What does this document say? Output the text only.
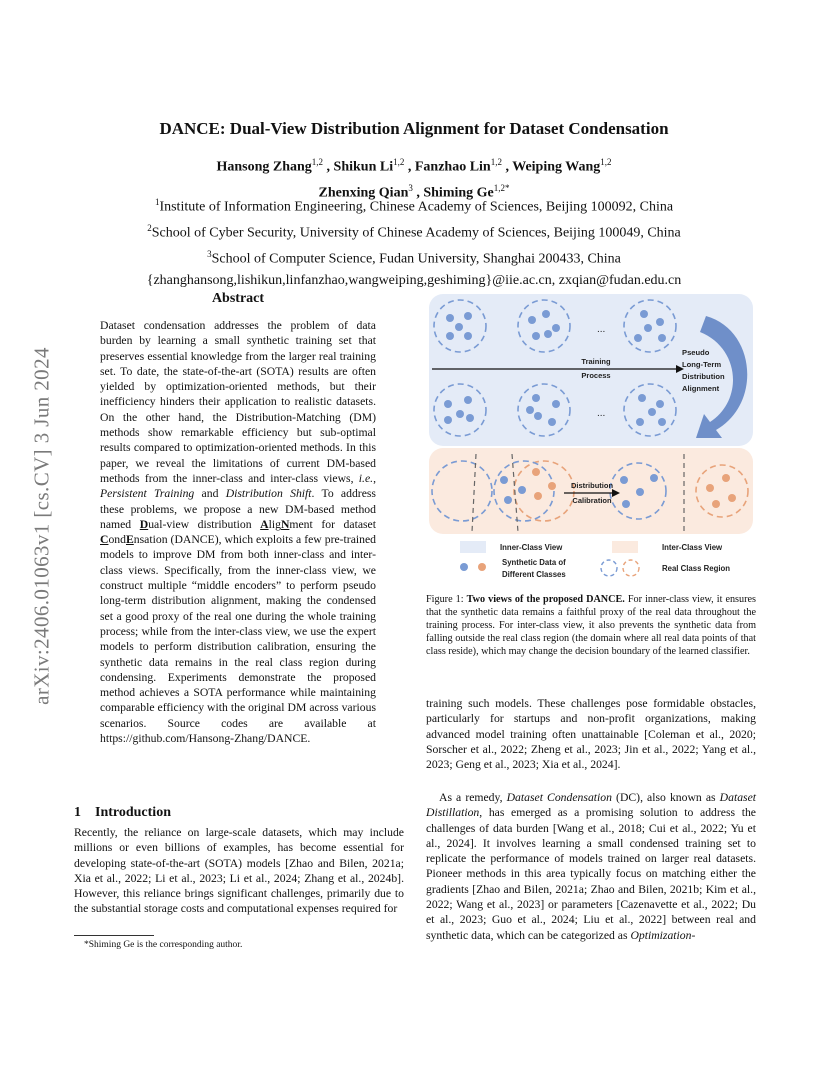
arXiv:2406.01063v1 [cs.CV] 3 Jun 2024
DANCE: Dual-View Distribution Alignment for Dataset Condensation
Hansong Zhang$^{1,2}$ , Shikun Li$^{1,2}$ , Fanzhao Lin$^{1,2}$ , Weiping Wang$^{1,2}$
Zhenxing Qian$^3$ , Shiming $Ge^{1,2*}$
$^1$Institute of Information Engineering, Chinese Academy of Sciences, Beijing 100092, China
$^2$School of Cyber Security, University of Chinese Academy of Sciences, Beijing 100049, China
$^3$School of Computer Science, Fudan University, Shanghai 200433, China
{zhanghansong,lishikun,linfanzhao,wangweiping,geshiming}@iie.ac.cn, zxqian@fudan.edu.cn
Abstract
Dataset condensation addresses the problem of data burden by learning a small synthetic training set that preserves essential knowledge from the larger real training set. To date, the state-of-the-art (SOTA) results are often yielded by optimization-oriented methods, but their inefficiency hinders their application to realistic datasets. On the other hand, the Distribution-Matching (DM) methods show remarkable efficiency but sub-optimal results compared to optimization-oriented methods. In this paper, we reveal the limitations of current DM-based methods from the inner-class and inter-class views, i.e., Persistent Training and Distribution Shift. To address these problems, we propose a new DM-based method named Dual-view distribution AligNment for dataset CondEnsation (DANCE), which exploits a few pre-trained models to improve DM from both inner-class and inter-class views. Specifically, from the inner-class view, we construct multiple “middle encoders” to perform pseudo long-term distribution alignment, making the condensed set a good proxy of the real one during the whole training process; while from the inter-class view, we use the expert models to perform distribution calibration, ensuring the synthetic data remains in the real class region during condensing. Experiments demonstrate the proposed method achieves a SOTA performance while maintaining comparable efficiency with the original DM across various scenarios. Source codes are available at https://github.com/Hansong-Zhang/DANCE.
1 Introduction

Recently, the reliance on large-scale datasets, which may include millions or even billions of examples, has become essential for developing state-of-the-art (SOTA) models [Zhao and Bilen, 2021a; Xia et al., 2022; Li et al., 2023; Li et al., 2024; Zhang et al., 2024b]. However, this reliance brings significant challenges, primarily due to the substantial storage costs and computational expenses required for

*Shiming Ge is the corresponding author.
...
Training
Process
Pseudo
Long-Term
Distribution
Alignment
...
Distribution
Calibration
Inner-Class View	Inter-Class View
Synthetic Data of
Different Classes
Real Class Region
Figure 1: Two views of the proposed DANCE. For inner-class view, it ensures that the synthetic data remains a faithful proxy of the real data throughout the training process. For inter-class view, it also prevents the synthetic data from falling outside the real class region (the domain where all real data points of that class reside), which may change the decision boundary of the learned classifier.

training such models. These challenges pose formidable obstacles, particularly for startups and non-profit organizations, making advanced model training often unattainable [Coleman et al., 2020; Sorscher et al., 2022; Zheng et al., 2023; Jin et al., 2022; Yang et al., 2023; Geng et al., 2023; Xia et al., 2024].

As a remedy, Dataset Condensation (DC), also known as Dataset Distillation, has emerged as a promising solution to address the challenges of data burden [Wang et al., 2018; Cui et al., 2022; Yu et al., 2024]. It involves learning a small condensed training set to replicate the performance of models trained on larger real datasets. Pioneer methods in this area typically focus on matching either the gradients [Zhao and Bilen, 2021a; Zhao and Bilen, 2021b; Kim et al., 2022; Wang et al., 2023] or parameters [Cazenavette et al., 2022; Du et al., 2023; Guo et al., 2024; Liu et al., 2022] between real and synthetic data, which can be categorized as Optimization-
